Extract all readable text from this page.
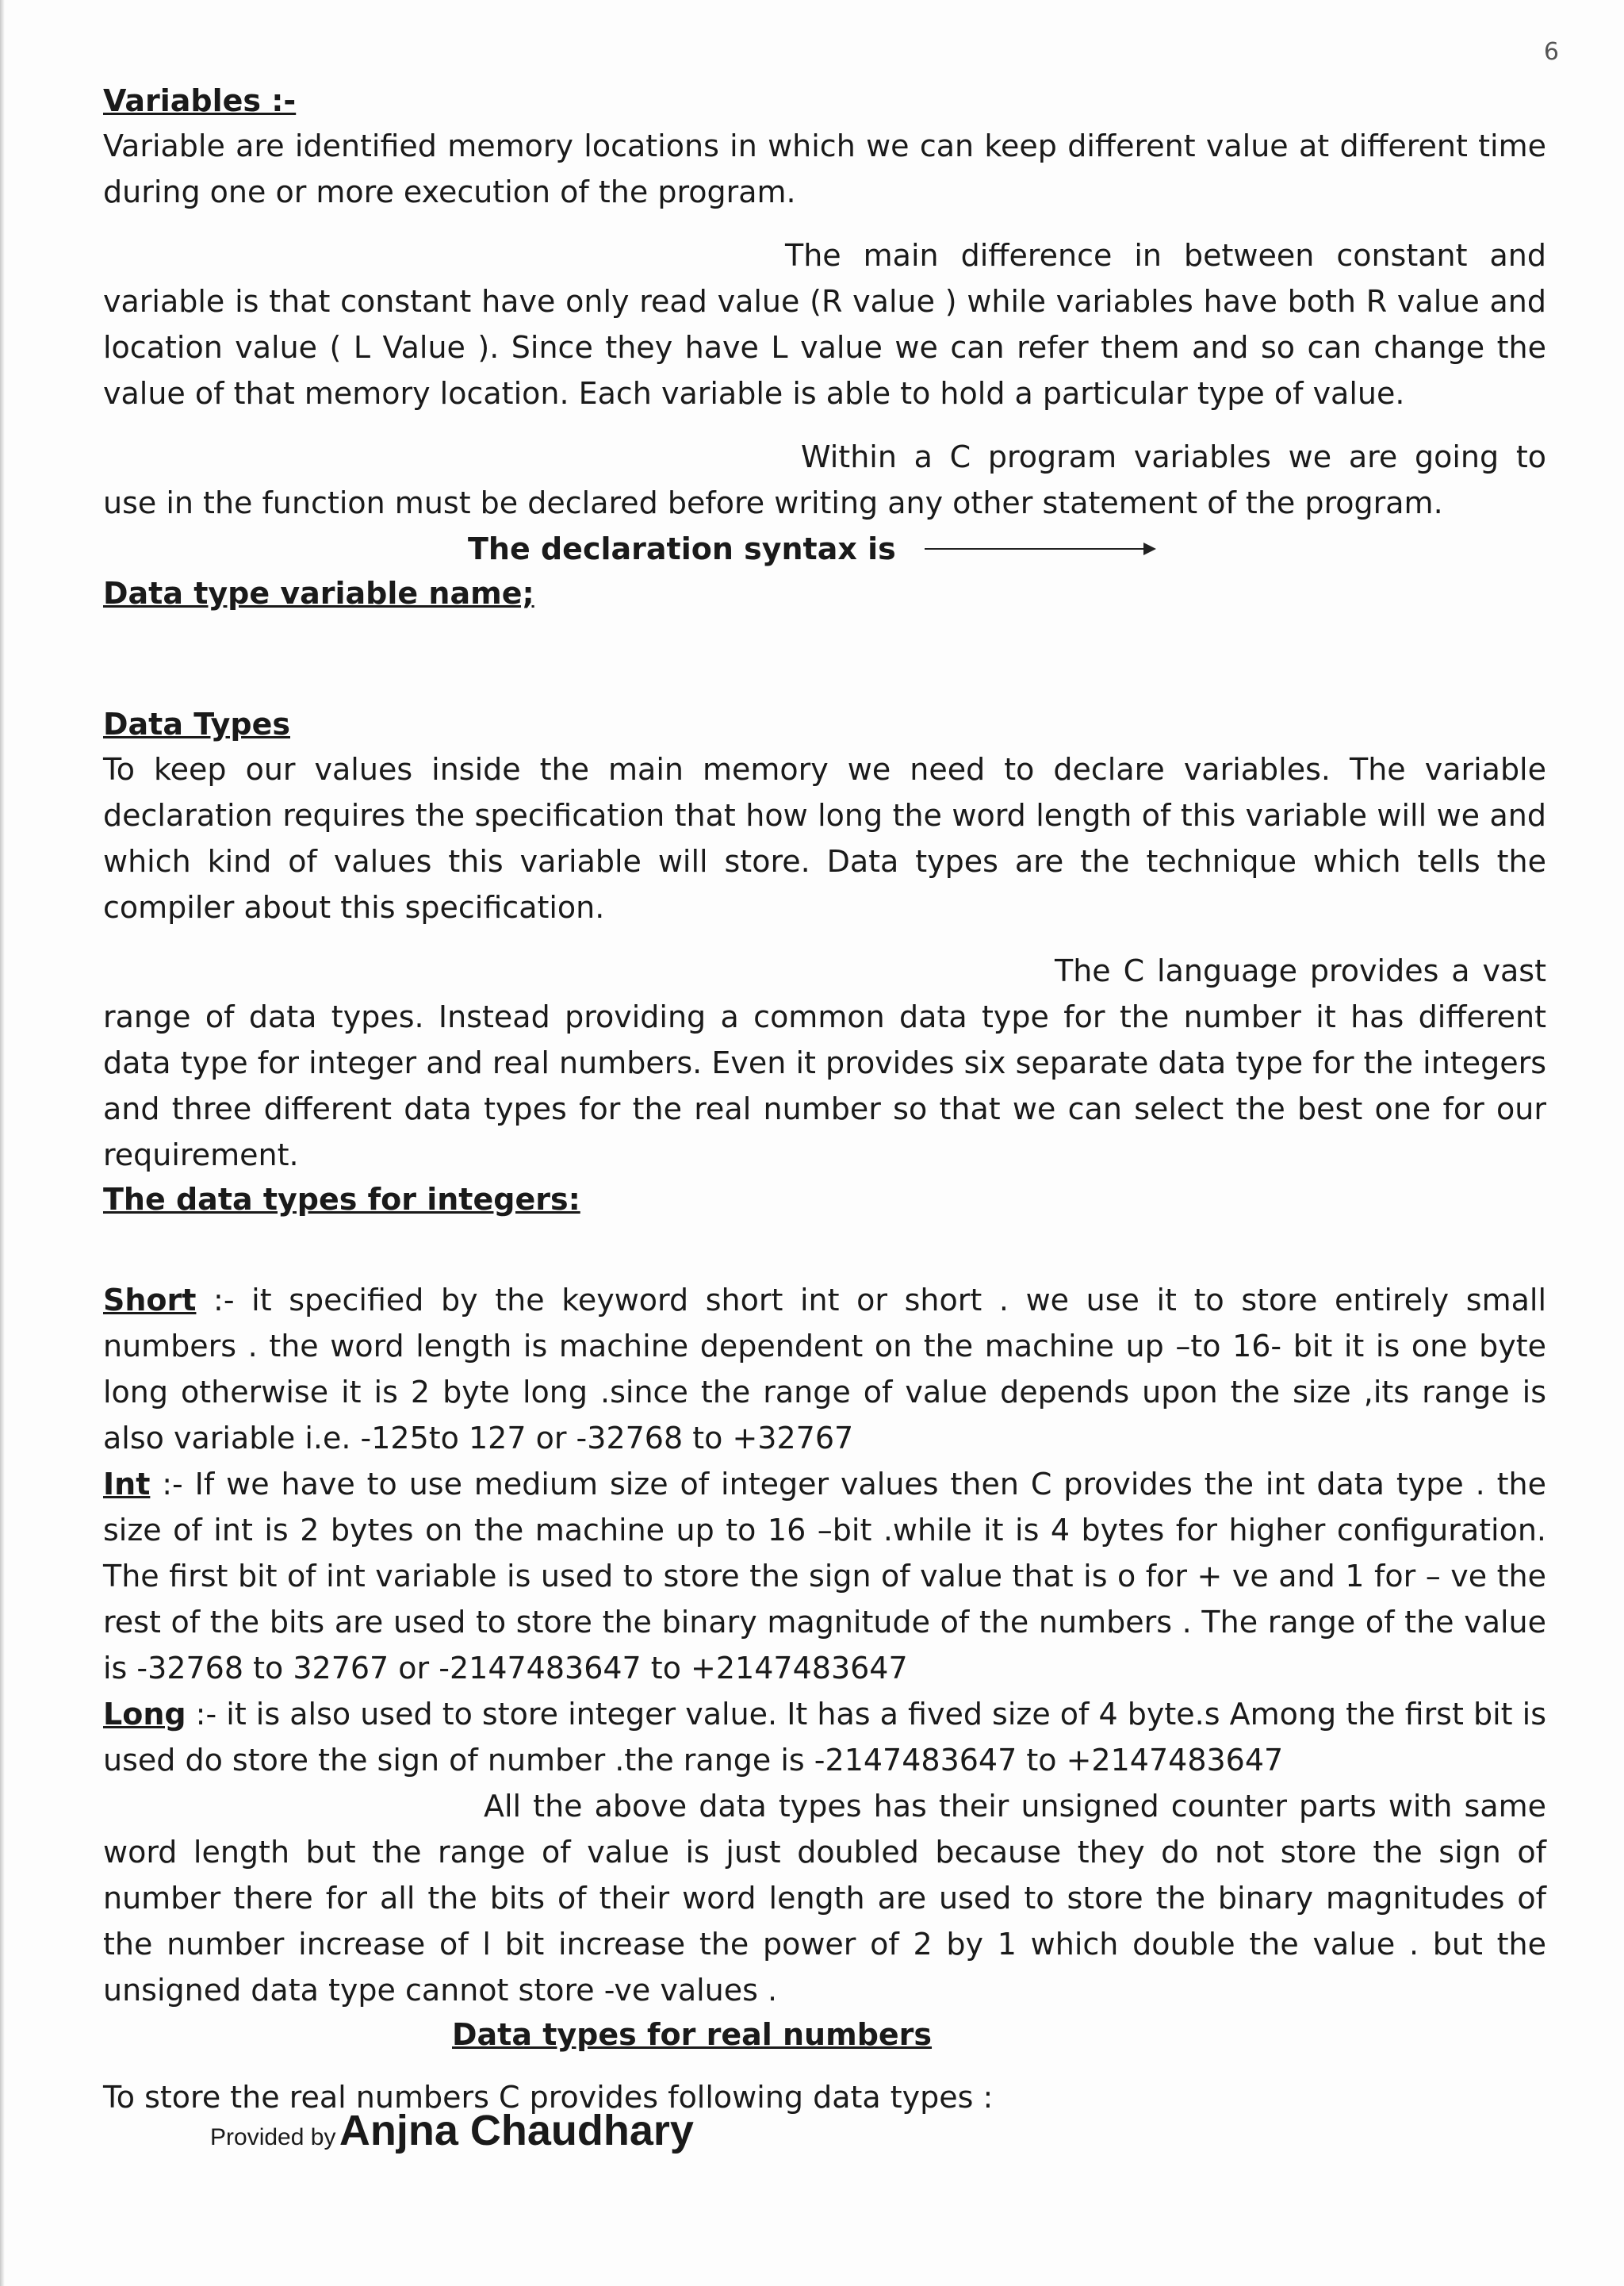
6

Variables :-

Variable are identified memory locations in which we can keep different value at different time during one or more execution of the program.

The main difference in between constant and variable is that constant have only read value (R value ) while variables have both R value and location value ( L Value ). Since they have L value we can refer them and so can change the value of that memory location. Each variable is able to hold a particular type of value.

Within a C program variables we are going to use in the function must be declared before writing any other statement of the program.

The declaration syntax is

Data type variable name;

Data Types

To keep our values inside the main memory we need to declare variables. The variable declaration requires the specification that how long the word length of this variable will we and which kind of values this variable will store. Data types are the technique which tells the compiler about this specification.

The C language provides a vast range of data types. Instead providing a common data type for the number it has different data type for integer and real numbers. Even it provides six separate data type for the integers and three different data types for the real number so that we can select the best one for our requirement.

The data types for integers:

Short :- it specified by the keyword short int or short . we use it to store entirely small numbers . the word length is machine dependent on the machine up –to 16- bit it is one byte long otherwise it is 2 byte long .since the range of value depends upon the size ,its range is also variable i.e. -125to 127 or -32768 to +32767

Int :- If we have to use medium size of integer values then C provides the int data type . the size of int is 2 bytes on the machine up to 16 –bit .while it is 4 bytes for higher configuration. The first bit of int variable is used to store the sign of value that is o for + ve and 1 for – ve the rest of the bits are used to store the binary magnitude of the numbers . The range of the value is -32768 to 32767 or -2147483647 to +2147483647

Long :- it is also used to store integer value. It has a fived size of 4 byte.s Among the first bit is used do store the sign of number .the range is -2147483647 to +2147483647

All the above data types has their unsigned counter parts with same word length but the range of value is just doubled because they do not store the sign of number there for all the bits of their word length are used to store the binary magnitudes of the number increase of l bit increase the power of 2 by 1 which double the value . but the unsigned data type cannot store -ve values .

Data types for real numbers

To store the real numbers C provides following data types :

Provided by Anjna Chaudhary
